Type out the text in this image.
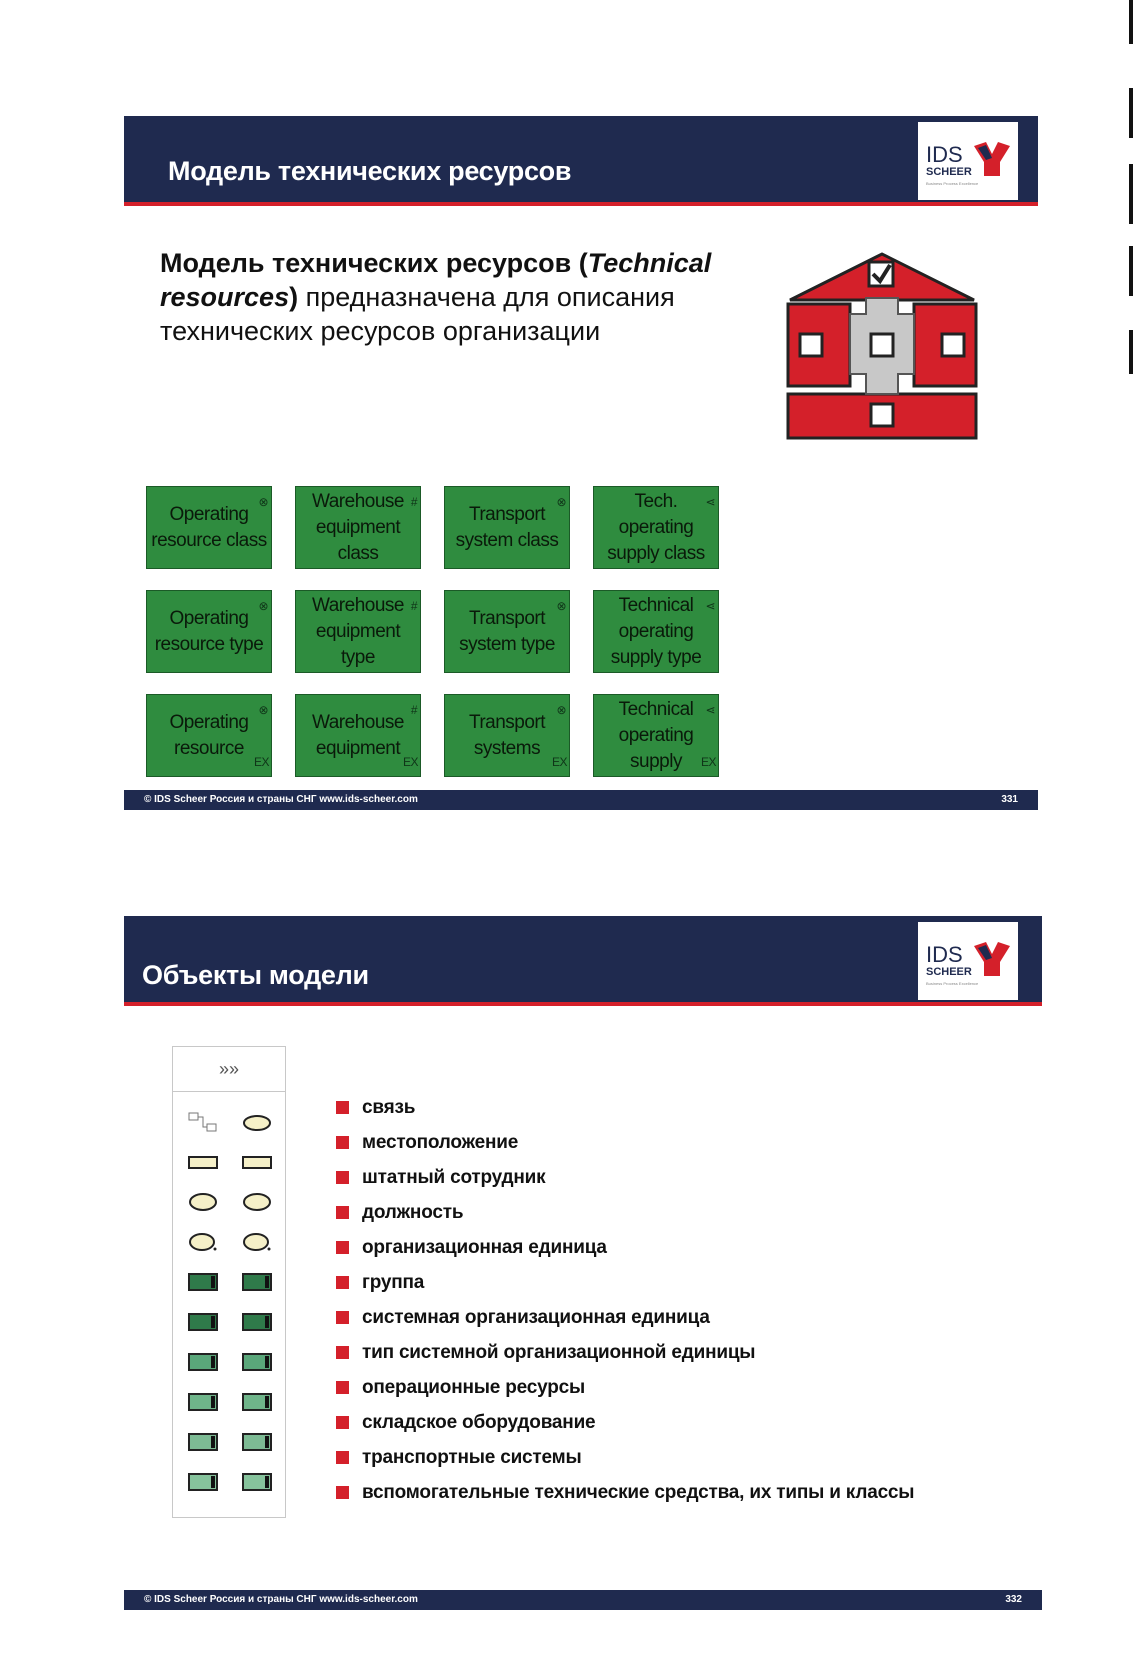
Модель технических ресурсов
IDS
SCHEER
Business Process Excellence
Модель технических ресурсов (Technical resources) предназначена для описания технических ресурсов организации
Operating resource class
⊗	Warehouse equipment class
#
Transport system class
⊗	Tech. operating supply class
⋖
Operating resource type
⊗	Warehouse equipment type
#
Transport system type
⊗	Technical operating supply type
⋖
Operating resource
⊗
EX
Warehouse equipment
#
EX
Transport systems
⊗
EX
Technical operating supply
⋖
EX
© IDS Scheer Россия и страны СНГ www.ids-scheer.com	331
Объекты модели
IDS
SCHEER
Business Process Excellence
»»
связь
местоположение
штатный сотрудник
должность
организационная единица
группа
системная организационная единица
тип системной организационной единицы
операционные ресурсы
складское оборудование
транспортные системы
вспомогательные технические средства, их типы и классы
© IDS Scheer Россия и страны СНГ www.ids-scheer.com	332
